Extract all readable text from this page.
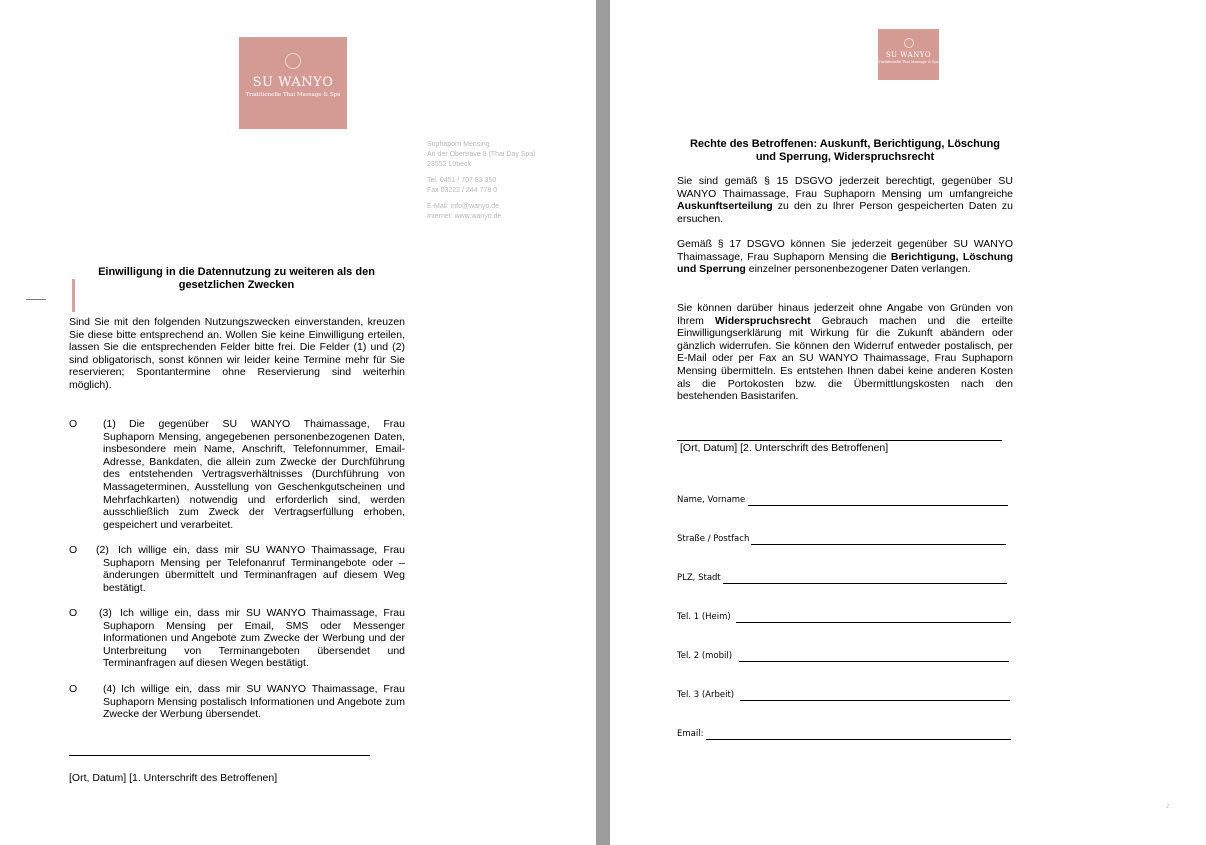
SU WANYO
Traditionelle Thai Massage & Spa
Suphaporn Mensing
An der Obertrave 8 (Thai Day Spa)
23552 Lübeck
Tel. 0451 / 707 83 350
Fax 03222 / 244 778 0
E-Mail: info@wanyo.de
Internet: www.wanyo.de
Einwilligung in die Datennutzung zu weiteren als den
gesetzlichen Zwecken
Sind Sie mit den folgenden Nutzungszwecken einverstanden, kreuzen Sie diese bitte entsprechend an. Wollen Sie keine Einwilligung erteilen, lassen Sie die entsprechenden Felder bitte frei. Die Felder (1) und (2) sind obligatorisch, sonst können wir leider keine Termine mehr für Sie reservieren; Spontantermine ohne Reservierung sind weiterhin möglich).
O (1)	Die gegenüber SU WANYO Thaimassage, Frau Suphaporn Mensing, angegebenen personenbezogenen Daten, insbesondere mein Name, Anschrift, Telefonnummer, Email-Adresse, Bankdaten, die allein zum Zwecke der Durchführung des entstehenden Vertragsverhältnisses (Durchführung von Massageterminen, Ausstellung von Geschenkgutscheinen und Mehrfachkarten) notwendig und erforderlich sind, werden ausschließlich zum Zweck der Vertragserfüllung erhoben, gespeichert und verarbeitet.
O (2) Ich willige ein, dass mir SU WANYO Thaimassage, Frau Suphaporn Mensing per Telefonanruf Terminangebote oder –änderungen übermittelt und Terminanfragen auf diesem Weg bestätigt.
O (3) Ich willige ein, dass mir SU WANYO Thaimassage, Frau Suphaporn Mensing per Email, SMS oder Messenger Informationen und Angebote zum Zwecke der Werbung und der Unterbreitung von Terminangeboten übersendet und Terminanfragen auf diesen Wegen bestätigt.
O (4) Ich willige ein, dass mir SU WANYO Thaimassage, Frau Suphaporn Mensing postalisch Informationen und Angebote zum Zwecke der Werbung übersendet.
[Ort, Datum] [1. Unterschrift des Betroffenen]
SU WANYO
Traditionelle Thai Massage & Spa
Rechte des Betroffenen: Auskunft, Berichtigung, Löschung
und Sperrung, Widerspruchsrecht
Sie sind gemäß § 15 DSGVO jederzeit berechtigt, gegenüber SU WANYO Thaimassage, Frau Suphaporn Mensing um umfangreiche Auskunftserteilung zu den zu Ihrer Person gespeicherten Daten zu ersuchen.
Gemäß § 17 DSGVO können Sie jederzeit gegenüber SU WANYO Thaimassage, Frau Suphaporn Mensing die Berichtigung, Löschung und Sperrung einzelner personenbezogener Daten verlangen.
Sie können darüber hinaus jederzeit ohne Angabe von Gründen von Ihrem Widerspruchsrecht Gebrauch machen und die erteilte Einwilligungserklärung mit Wirkung für die Zukunft abändern oder gänzlich widerrufen. Sie können den Widerruf entweder postalisch, per E-Mail oder per Fax an SU WANYO Thaimassage, Frau Suphaporn Mensing übermitteln. Es entstehen Ihnen dabei keine anderen Kosten als die Portokosten bzw. die Übermittlungskosten nach den bestehenden Basistarifen.
[Ort, Datum] [2. Unterschrift des Betroffenen]
Name, Vorname
Straße / Postfach
PLZ, Stadt
Tel. 1 (Heim)
Tel. 2 (mobil)
Tel. 3 (Arbeit)
Email:
2
